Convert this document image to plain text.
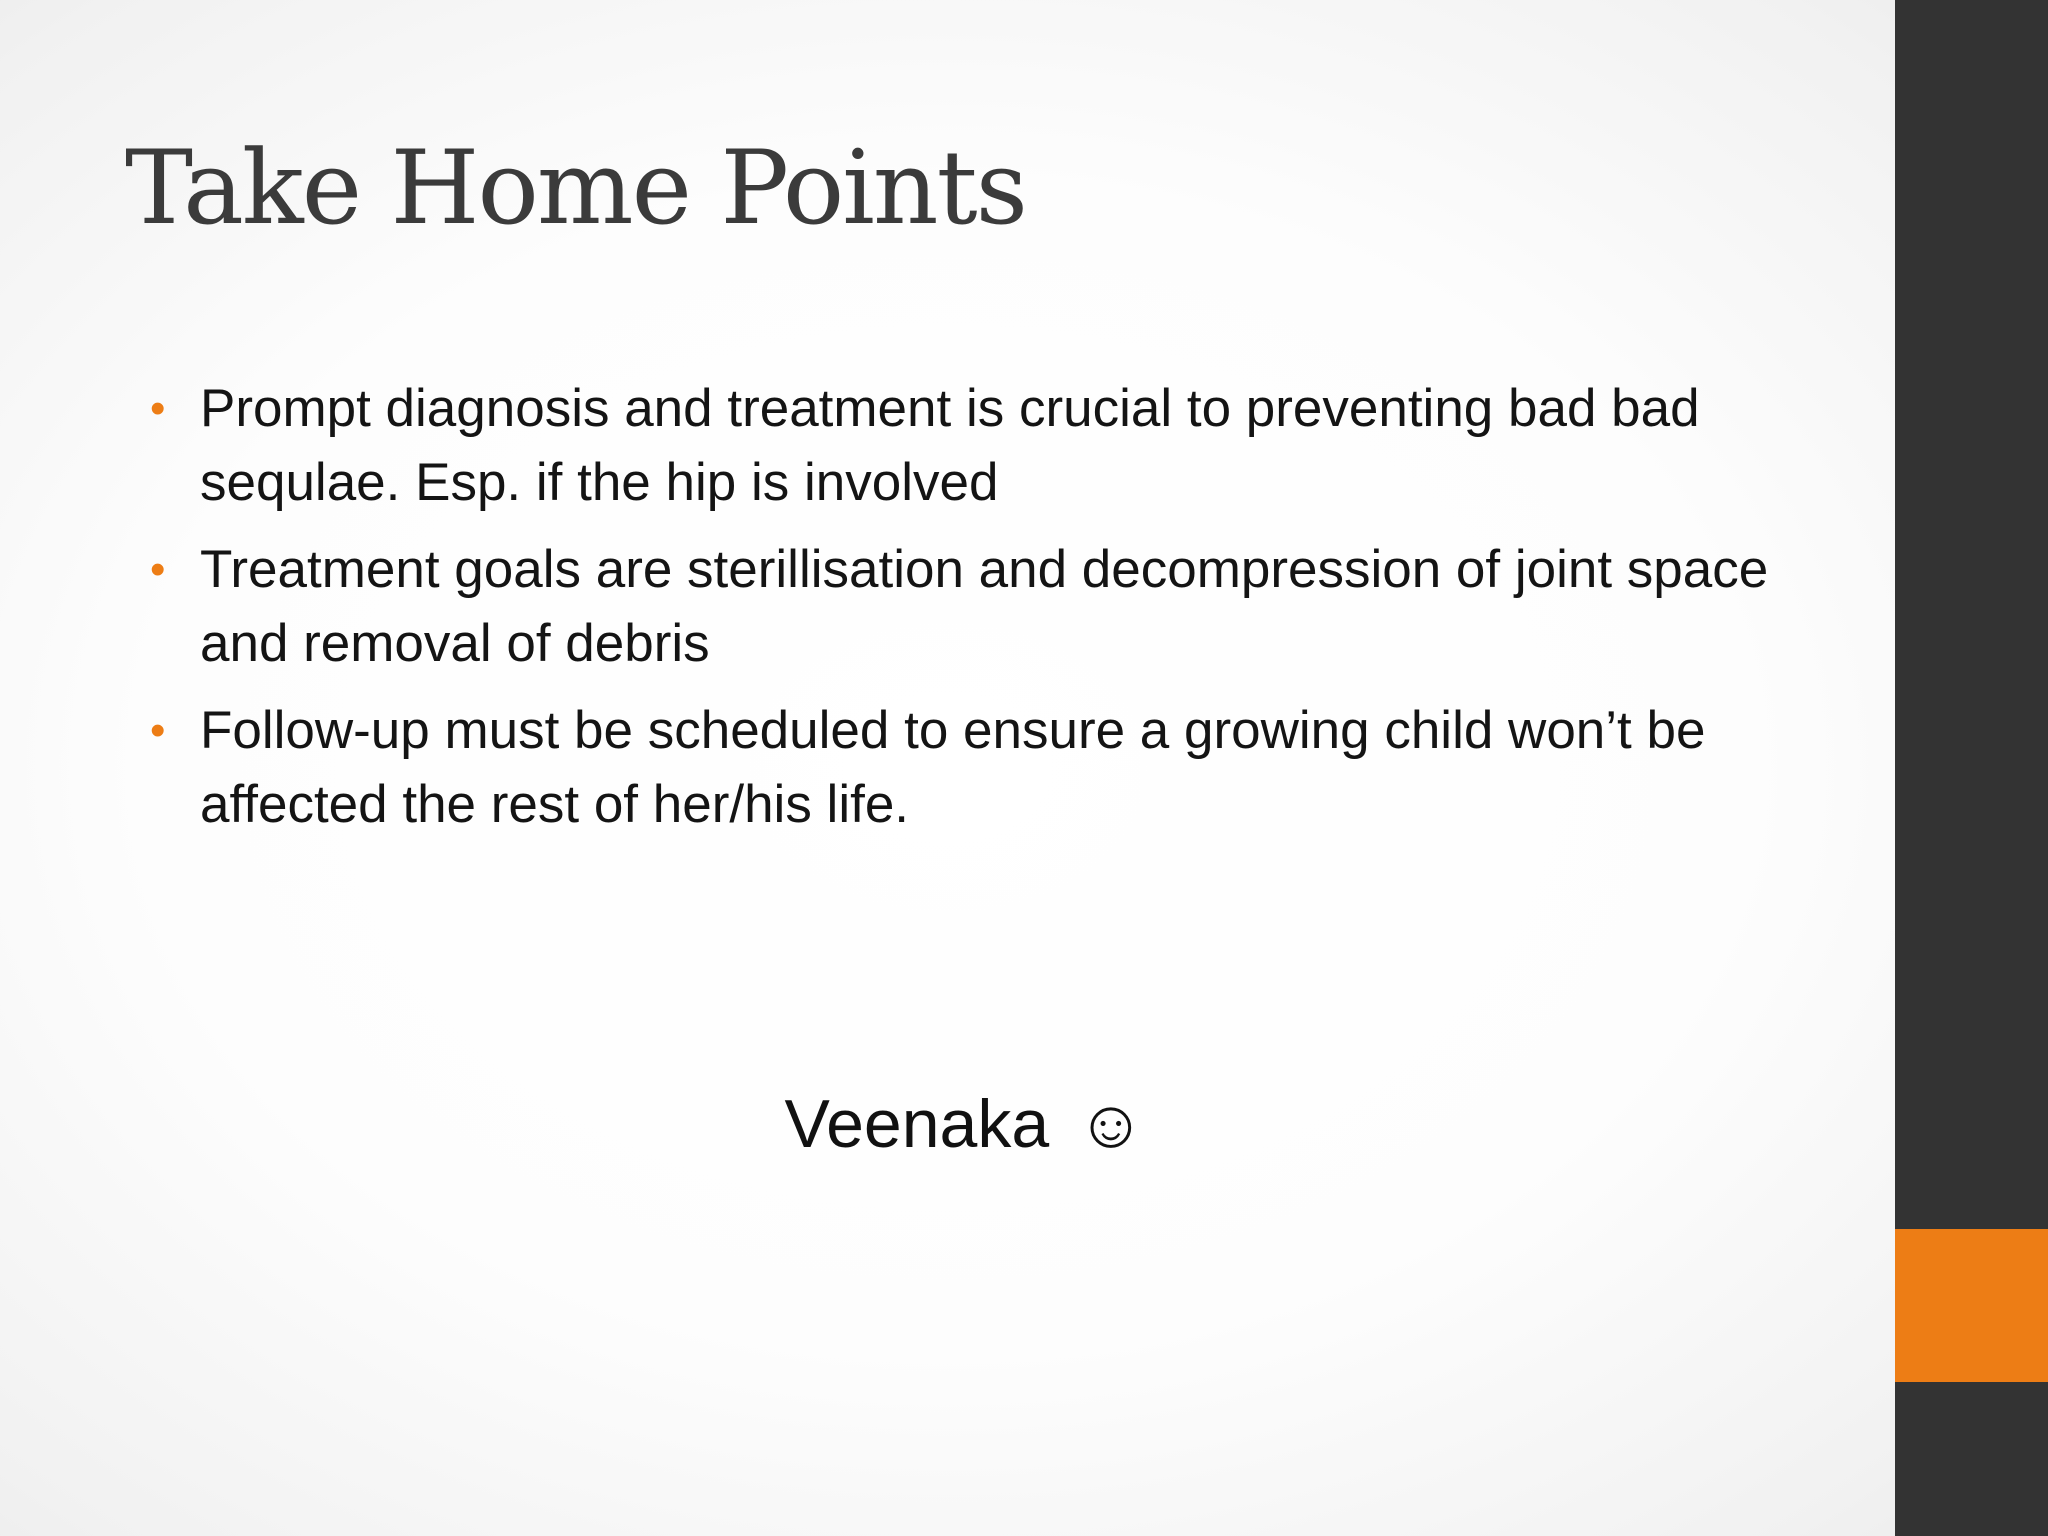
Take Home Points
• Prompt diagnosis and treatment is crucial to preventing bad bad sequlae. Esp. if the hip is involved
• Treatment goals are sterillisation and decompression of joint space and removal of debris
• Follow-up must be scheduled to ensure a growing child won’t be affected the rest of her/his life.
Veenaka ☺
